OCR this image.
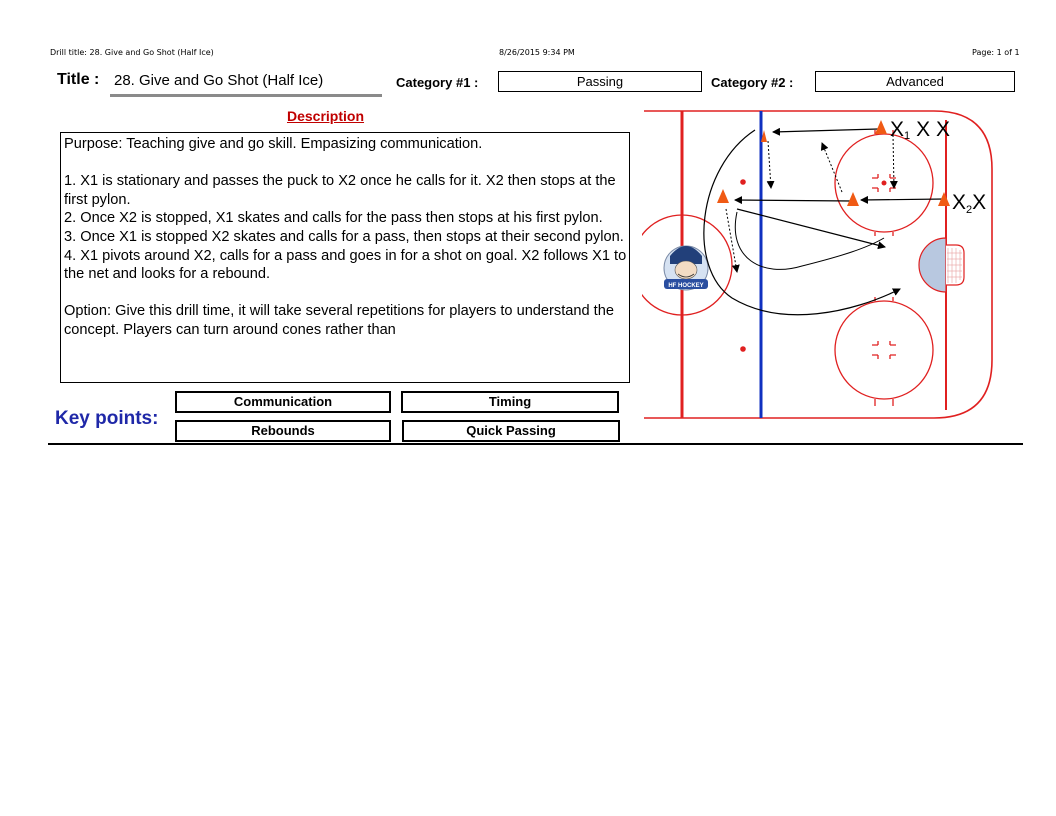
Drill title: 28. Give and Go Shot (Half Ice)	8/26/2015 9:34 PM	Page: 1 of 1
Title : 28. Give and Go Shot (Half Ice)	Category #1 :	Passing	Category #2 :	Advanced
Description

Purpose: Teaching give and go skill. Empasizing communication.

1. X1 is stationary and passes the puck to X2 once he calls for it. X2 then stops at the first pylon.

2. Once X2 is stopped, X1 skates and calls for the pass then stops at his first pylon.

3. Once X1 is stopped X2 skates and calls for a pass, then stops at their second pylon.

4. X1 pivots around X2, calls for a pass and goes in for a shot on goal. X2 follows X1 to the net and looks for a rebound.

Option: Give this drill time, it will take several repetitions for players to understand the concept. Players can turn around cones rather than

Key points:
Communication	Timing
Rebounds	Quick Passing
HF HOCKEY
X1 X X
X2X
